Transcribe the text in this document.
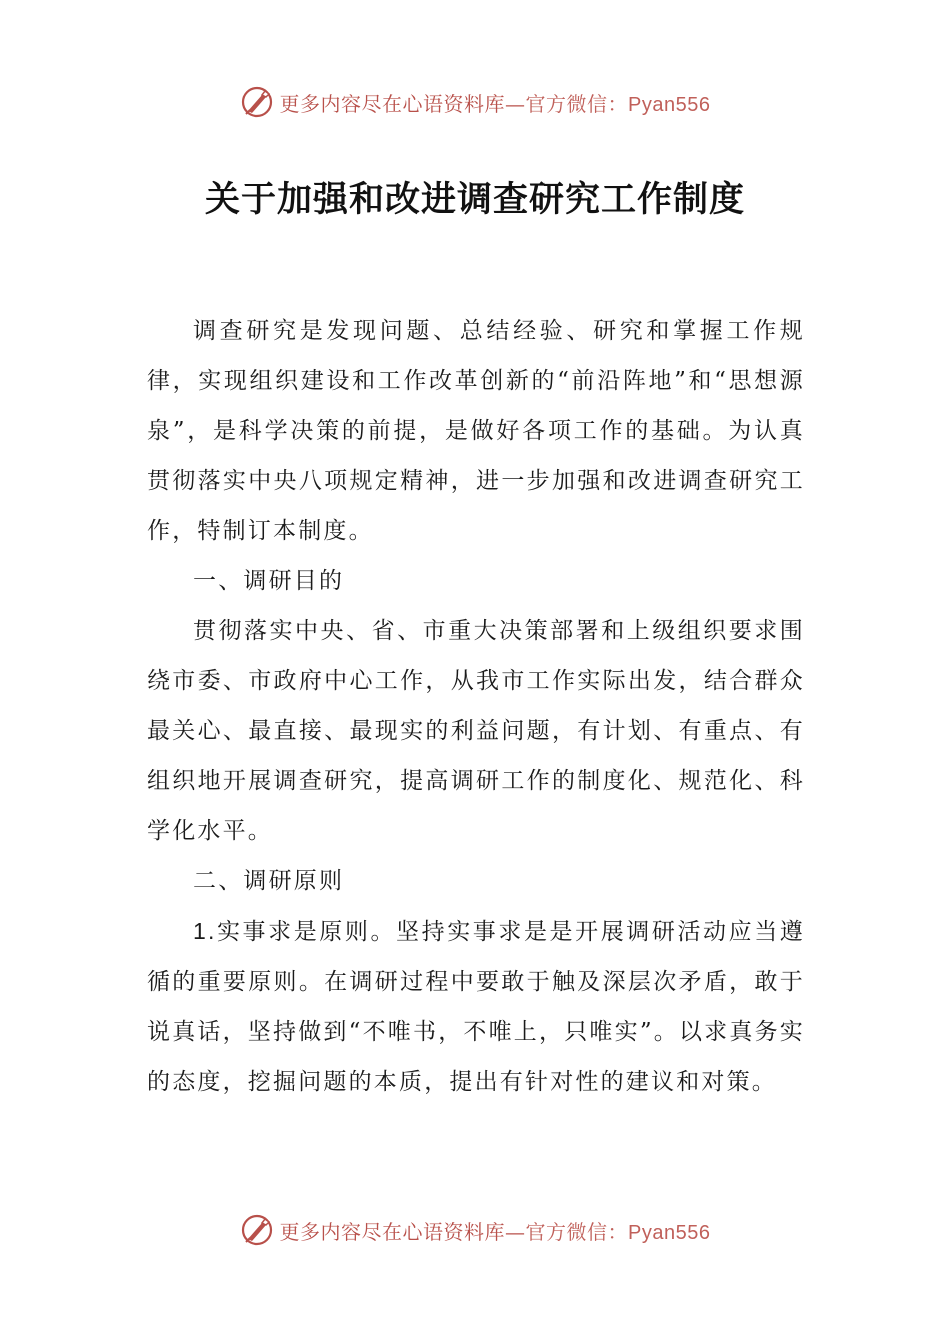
更多内容尽在心语资料库—官方微信：Pyan556
关于加强和改进调查研究工作制度

调查研究是发现问题、总结经验、研究和掌握工作规律，实现组织建设和工作改革创新的“前沿阵地”和“思想源泉”，是科学决策的前提，是做好各项工作的基础。为认真贯彻落实中央八项规定精神，进一步加强和改进调查研究工作，特制订本制度。

一、调研目的

贯彻落实中央、省、市重大决策部署和上级组织要求围绕市委、市政府中心工作，从我市工作实际出发，结合群众最关心、最直接、最现实的利益问题，有计划、有重点、有组织地开展调查研究，提高调研工作的制度化、规范化、科学化水平。

二、调研原则

1.实事求是原则。坚持实事求是是开展调研活动应当遵循的重要原则。在调研过程中要敢于触及深层次矛盾，敢于说真话，坚持做到“不唯书，不唯上，只唯实”。以求真务实的态度，挖掘问题的本质，提出有针对性的建议和对策。

更多内容尽在心语资料库—官方微信：Pyan556
